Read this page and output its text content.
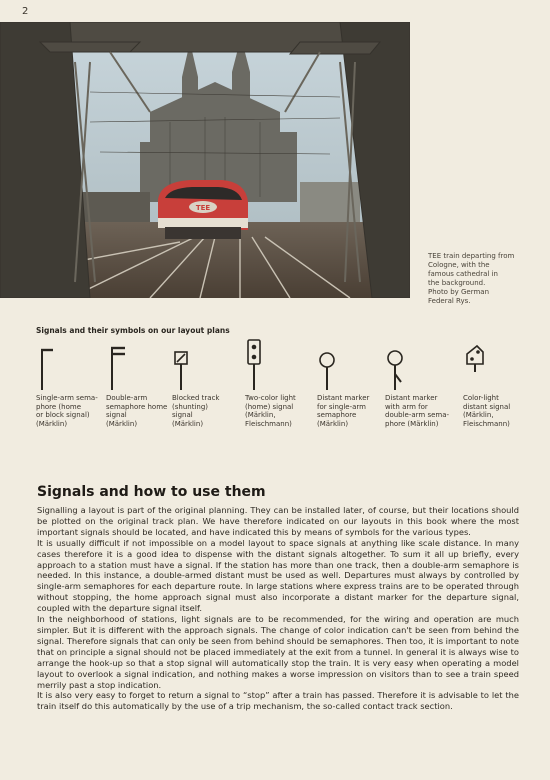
2
TEE
TEE train departing from
Cologne, with the
famous cathedral in
the background.
Photo by German
Federal Rys.
Signals and their symbols on our layout plans
Single-arm sema-
phore (home
or block signal)
(Märklin)
Double-arm
semaphore home
signal
(Märklin)
Blocked track
(shunting)
signal
(Märklin)
Two-color light
(home) signal
(Märklin,
Fleischmann)
Distant marker
for single-arm
semaphore
(Märklin)
Distant marker
with arm for
double-arm sema-
phore (Märklin)
Color-light
distant signal
(Märklin,
Fleischmann)
Signals and how to use them

Signalling a layout is part of the original planning. They can be installed later, of course, but their locations should be plotted on the original track plan. We have therefore indicated on our layouts in this book where the most important signals should be located, and have indicated this by means of symbols for the various types.

It is usually difficult if not impossible on a model layout to space signals at anything like scale distance. In many cases therefore it is a good idea to dispense with the distant signals altogether. To sum it all up briefly, every approach to a station must have a signal. If the station has more than one track, then a double-arm semaphore is needed. In this instance, a double-armed distant must be used as well. Departures must always by controlled by single-arm semaphores for each departure route. In large stations where express trains are to be operated through without stopping, the home approach signal must also incorporate a distant marker for the departure signal, coupled with the departure signal itself.

In the neighborhood of stations, light signals are to be recommended, for the wiring and operation are much simpler. But it is different with the approach signals. The change of color indication can't be seen from behind the signal. Therefore signals that can only be seen from behind should be semaphores. Then too, it is important to note that on principle a signal should not be placed immediately at the exit from a tunnel. In general it is always wise to arrange the hook-up so that a stop signal will automatically stop the train. It is very easy when operating a model layout to overlook a signal indication, and nothing makes a worse impression on visitors than to see a train speed merrily past a stop indication.

It is also very easy to forget to return a signal to “stop” after a train has passed. Therefore it is advisable to let the train itself do this automatically by the use of a trip mechanism, the so-called contact track section.
